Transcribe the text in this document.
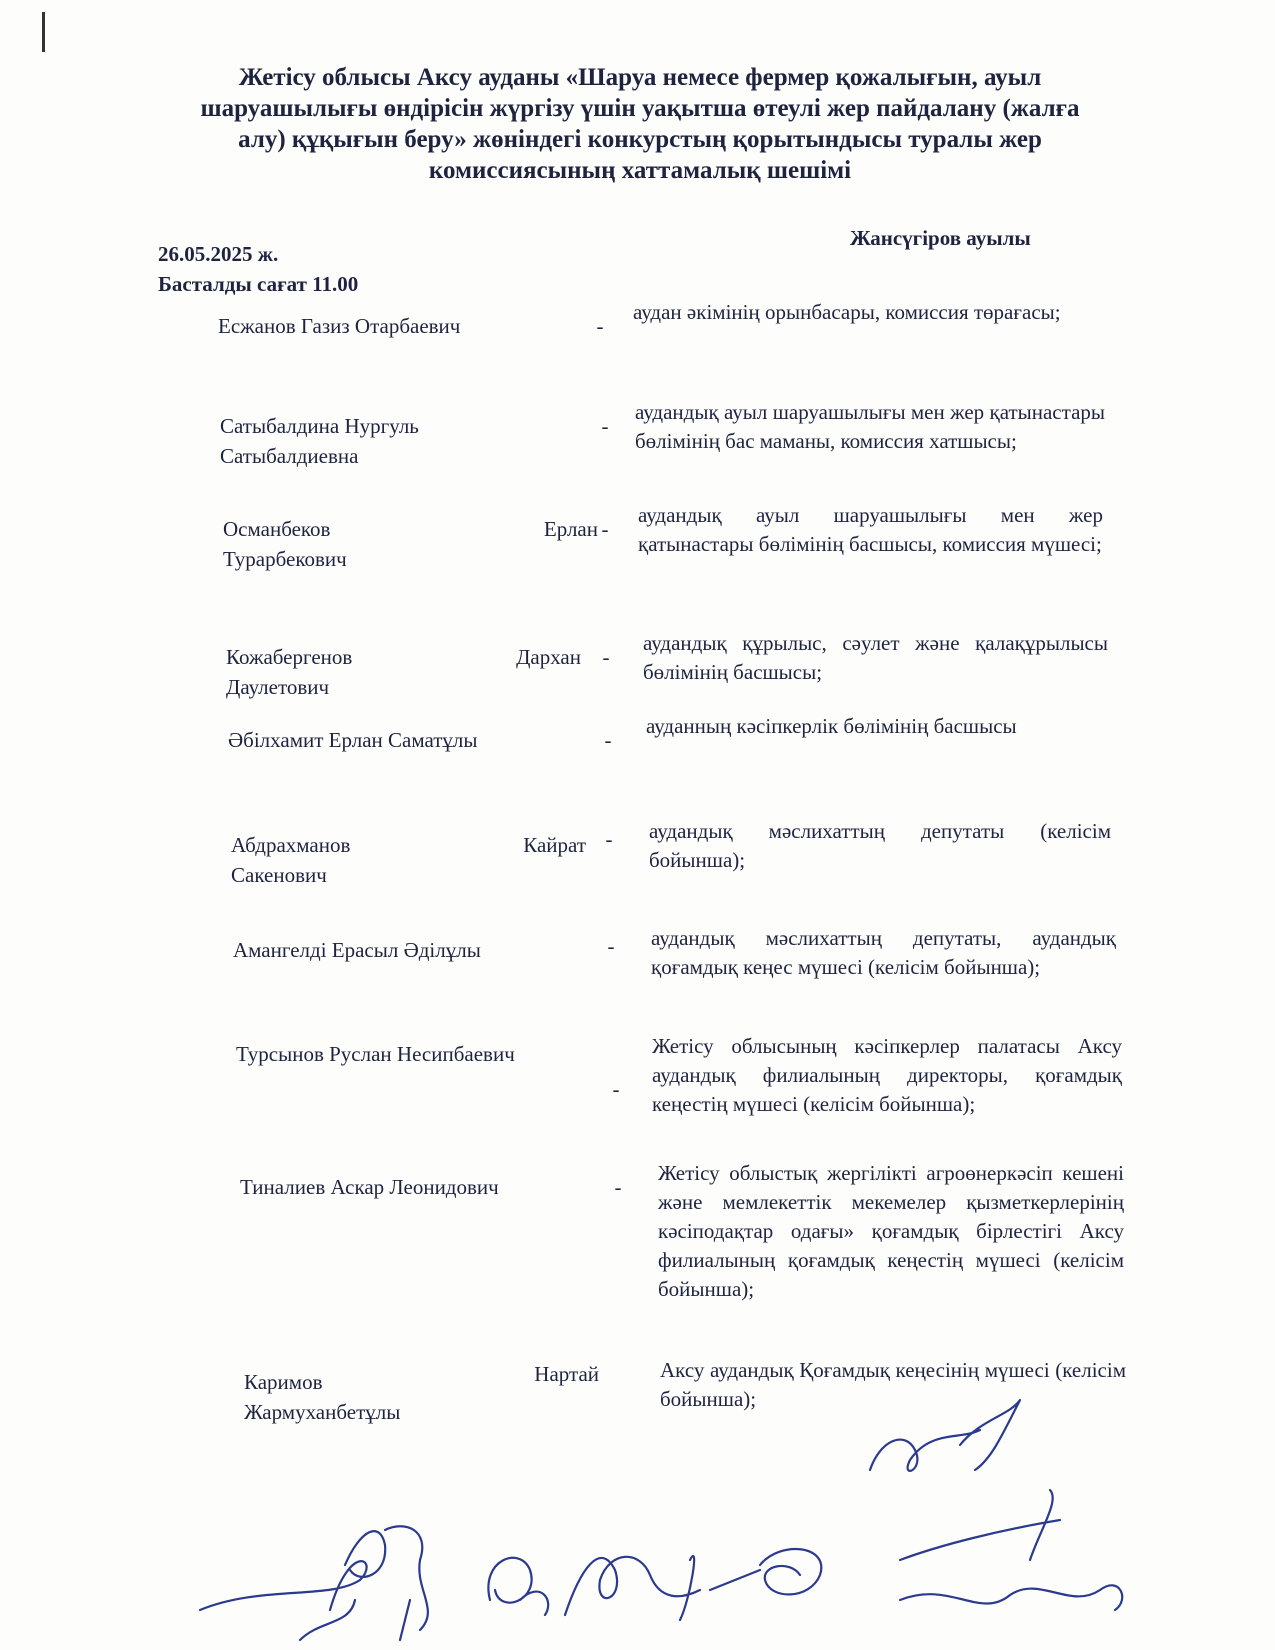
Жетісу облысы Аксу ауданы «Шаруа немесе фермер қожалығын, ауыл шаруашылығы өндірісін жүргізу үшін уақытша өтеулі жер пайдалану (жалға алу) құқығын беру» жөніндегі конкурстың қорытындысы туралы жер комиссиясының хаттамалық шешімі
26.05.2025 ж.
Басталды сағат 11.00
Жансүгіров ауылы
Есжанов Газиз Отарбаевич	-
аудан әкімінің орынбасары, комиссия төрағасы;
Сатыбалдина Нургуль
Сатыбалдиевна
-
аудандық ауыл шаруашылығы мен жер қатынастары бөлімінің бас маманы, комиссия хатшысы;
Османбеков	Ерлан
Турарбекович
-
аудандық ауыл шаруашылығы мен жер қатынастары бөлімінің басшысы, комиссия мүшесі;
Кожабергенов	Дархан
Даулетович
-
аудандық құрылыс, сәулет және қалақұрылысы бөлімінің басшысы;
Әбілхамит Ерлан Саматұлы	-
ауданның кәсіпкерлік бөлімінің басшысы
Абдрахманов	Кайрат
Сакенович
-	аудандық мәслихаттың депутаты (келісім бойынша);
Амангелді Ерасыл Әділұлы	-	аудандық мәслихаттың депутаты, аудандық қоғамдық кеңес мүшесі (келісім бойынша);
Турсынов Руслан Несипбаевич
-
Жетісу облысының кәсіпкерлер палатасы Аксу аудандық филиалының директоры, қоғамдық кеңестің мүшесі (келісім бойынша);
Тиналиев Аскар Леонидович	-
Жетісу облыстық жергілікті агроөнеркәсіп кешені және мемлекеттік мекемелер қызметкерлерінің кәсіподақтар одағы» қоғамдық бірлестігі Аксу филиалының қоғамдық кеңестің мүшесі (келісім бойынша);
Каримов	Нартай
Жармуханбетұлы
Аксу аудандық Қоғамдық кеңесінің мүшесі (келісім бойынша);
